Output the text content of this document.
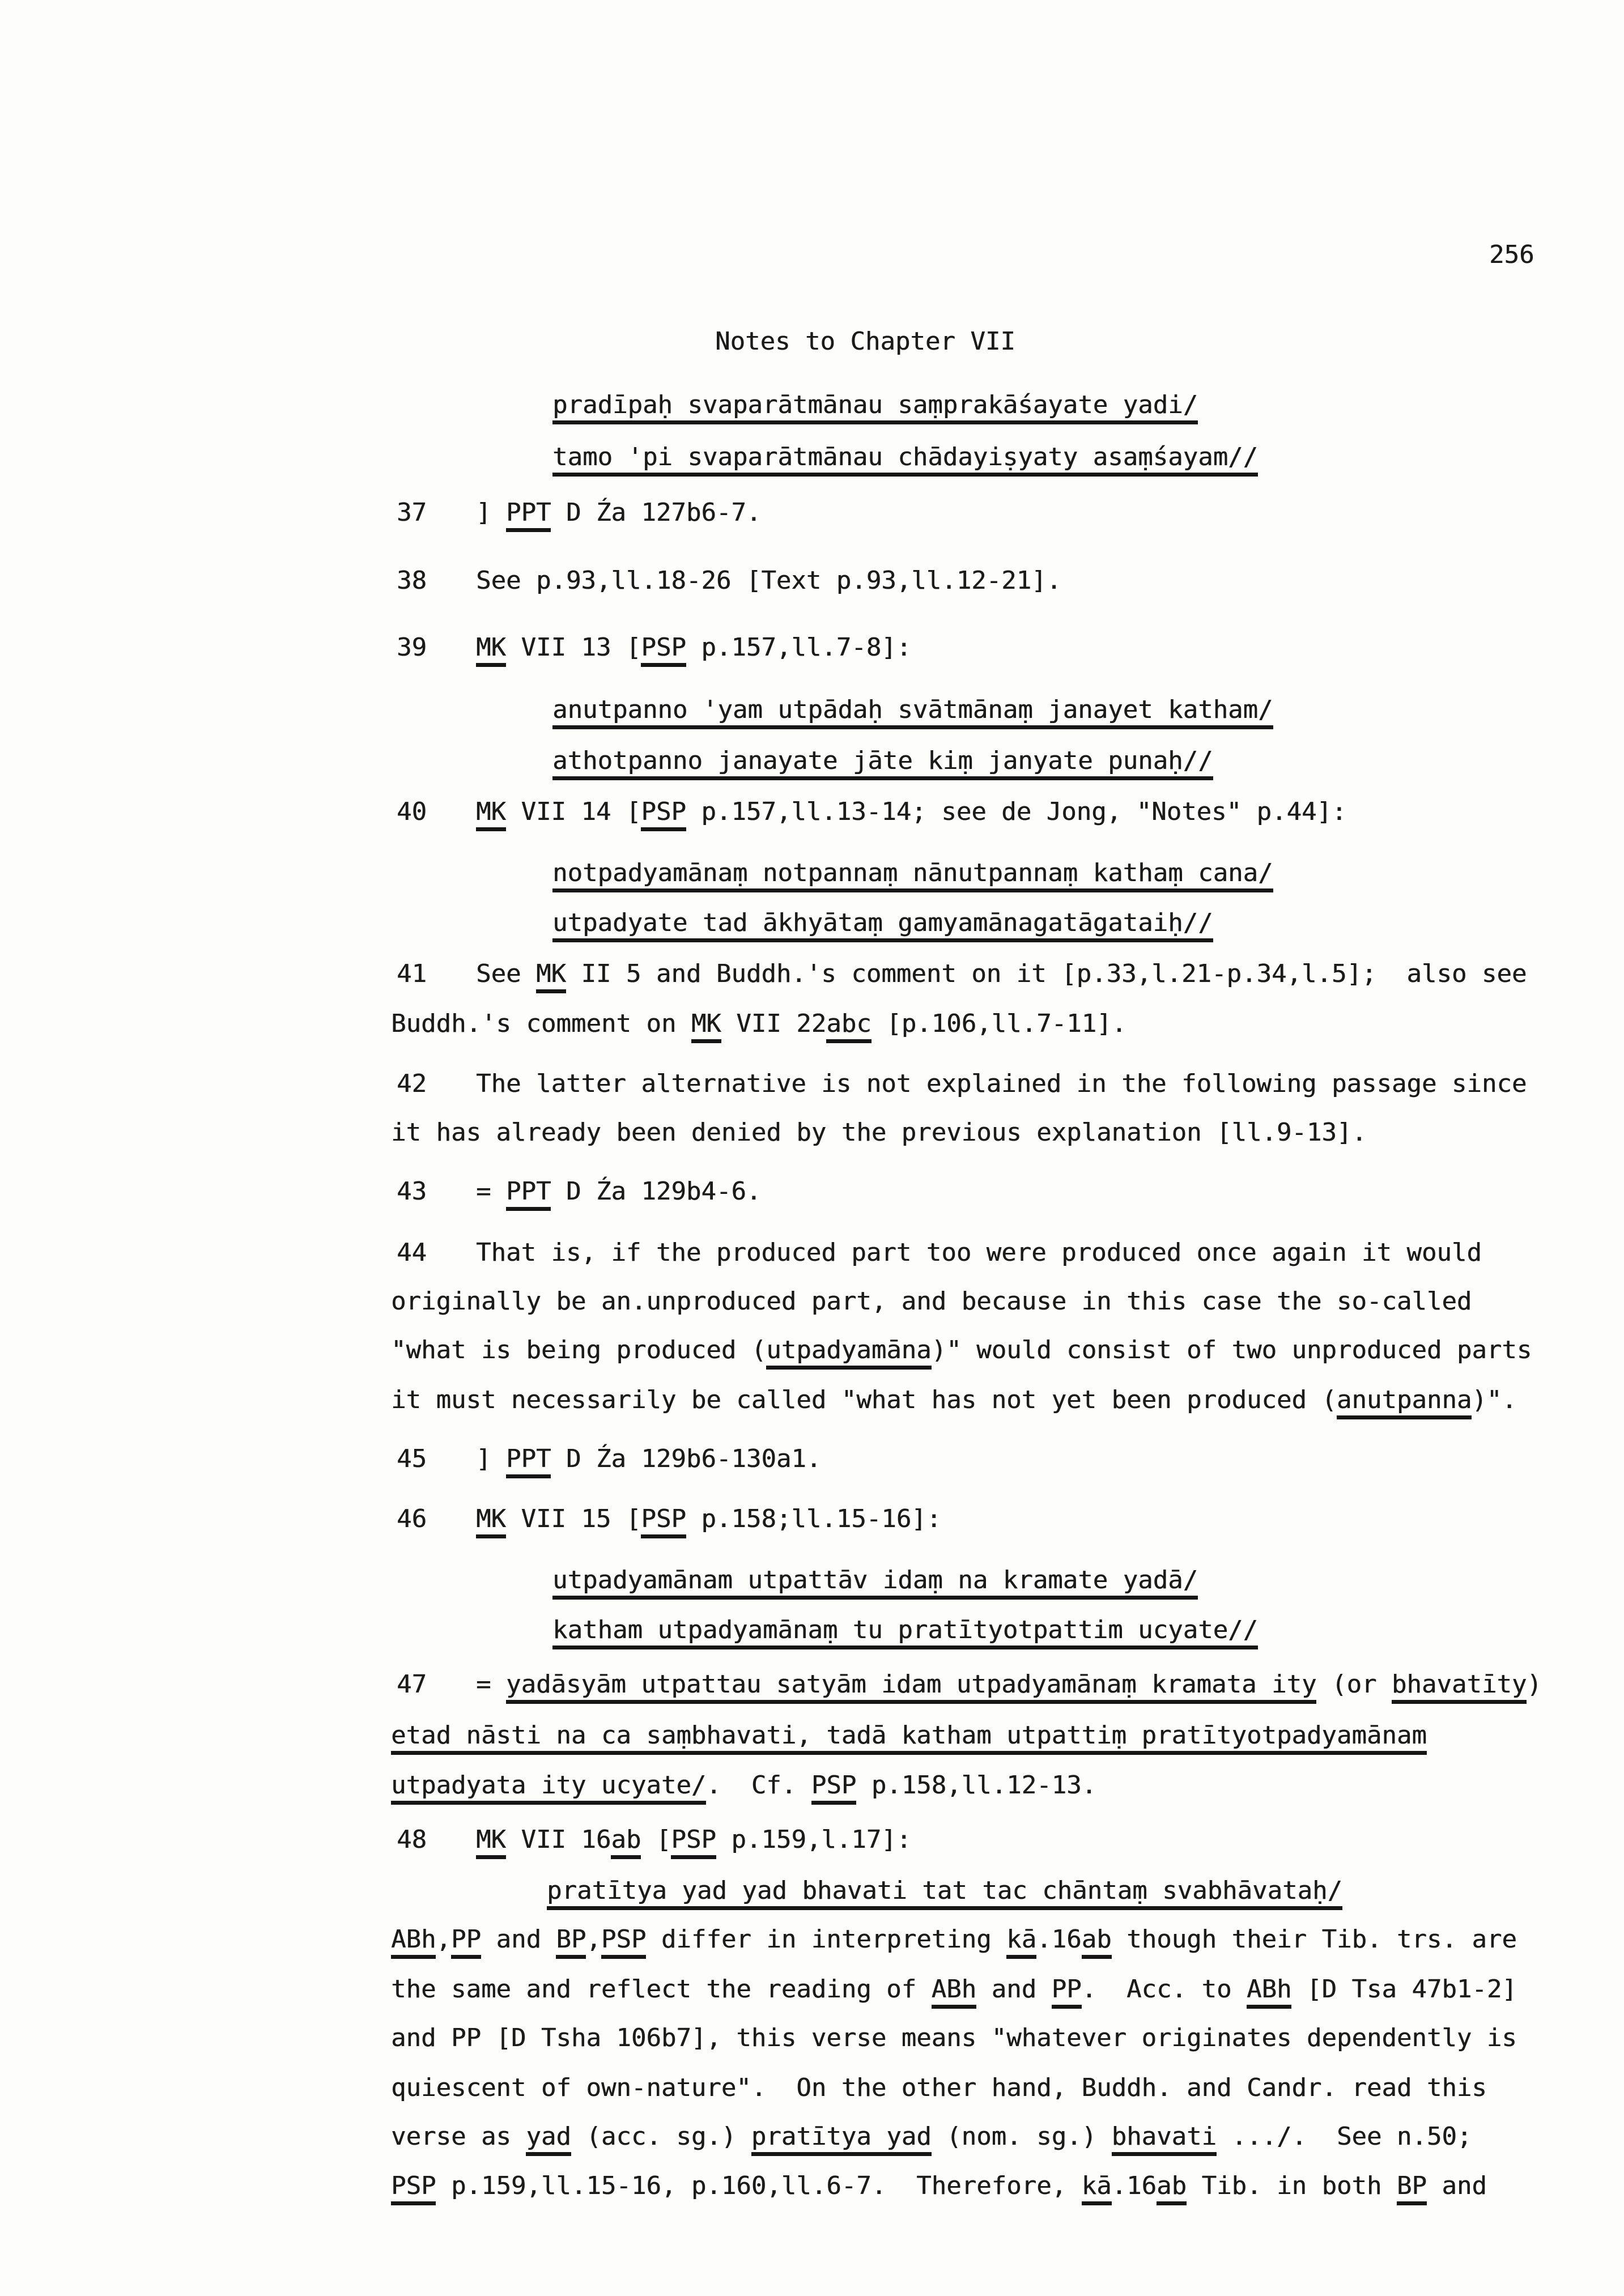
256
Notes to Chapter VII
pradīpaḥ svaparātmānau saṃprakāśayate yadi/
tamo 'pi svaparātmānau chādayiṣyaty asaṃśayam//
37 ] PPT D Źa 127b6-7.
38 See p.93,ll.18-26 [Text p.93,ll.12-21].
39 MK VII 13 [PSP p.157,ll.7-8]:
anutpanno 'yam utpādaḥ svātmānaṃ janayet katham/
athotpanno janayate jāte kiṃ janyate punaḥ//
40 MK VII 14 [PSP p.157,ll.13-14; see de Jong, "Notes" p.44]:
notpadyamānaṃ notpannaṃ nānutpannaṃ kathaṃ cana/
utpadyate tad ākhyātaṃ gamyamānagatāgataiḥ//
41 See MK II 5 and Buddh.'s comment on it [p.33,l.21-p.34,l.5];  also see
Buddh.'s comment on MK VII 22abc [p.106,ll.7-11].
42 The latter alternative is not explained in the following passage since
it has already been denied by the previous explanation [ll.9-13].
43 = PPT D Źa 129b4-6.
44 That is, if the produced part too were produced once again it would
originally be an.unproduced part, and because in this case the so-called
"what is being produced (utpadyamāna)" would consist of two unproduced parts
it must necessarily be called "what has not yet been produced (anutpanna)".
45 ] PPT D Źa 129b6-130a1.
46 MK VII 15 [PSP p.158;ll.15-16]:
utpadyamānam utpattāv idaṃ na kramate yadā/
katham utpadyamānaṃ tu pratītyotpattim ucyate//
47 = yadāsyām utpattau satyām idam utpadyamānaṃ kramata ity (or bhavatīty)
etad nāsti na ca saṃbhavati, tadā katham utpattiṃ pratītyotpadyamānam
utpadyata ity ucyate/.  Cf. PSP p.158,ll.12-13.
48 MK VII 16ab [PSP p.159,l.17]:
pratītya yad yad bhavati tat tac chāntaṃ svabhāvataḥ/
ABh,PP and BP,PSP differ in interpreting kā.16ab though their Tib. trs. are
the same and reflect the reading of ABh and PP.  Acc. to ABh [D Tsa 47b1-2]
and PP [D Tsha 106b7], this verse means "whatever originates dependently is
quiescent of own-nature".  On the other hand, Buddh. and Candr. read this
verse as yad (acc. sg.) pratītya yad (nom. sg.) bhavati .../.  See n.50;
PSP p.159,ll.15-16, p.160,ll.6-7.  Therefore, kā.16ab Tib. in both BP and
